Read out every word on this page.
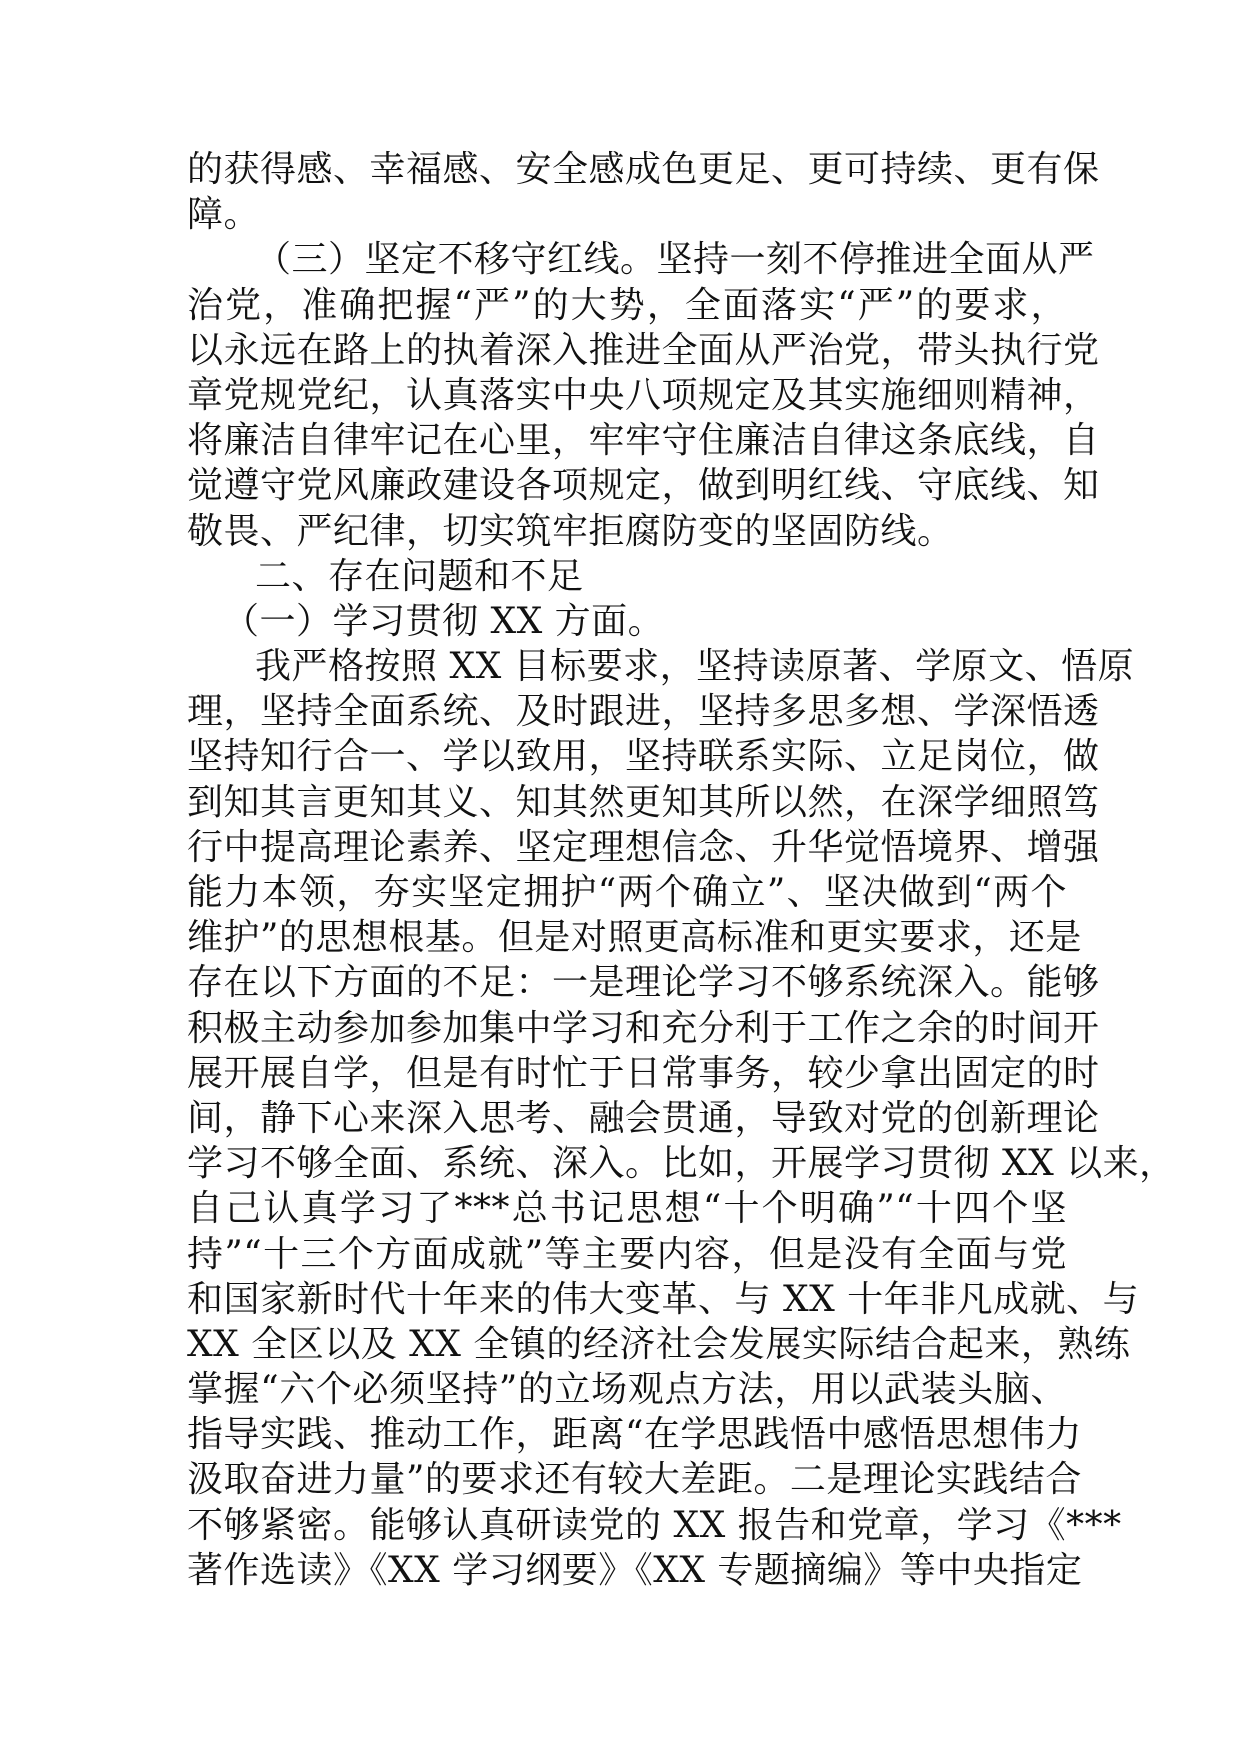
的获得感、幸福感、安全感成色更足、更可持续、更有保
障。
（三）坚定不移守红线。坚持一刻不停推进全面从严
治党，准确把握“严”的大势，全面落实“严”的要求，
以永远在路上的执着深入推进全面从严治党，带头执行党
章党规党纪，认真落实中央八项规定及其实施细则精神，
将廉洁自律牢记在心里，牢牢守住廉洁自律这条底线，自
觉遵守党风廉政建设各项规定，做到明红线、守底线、知
敬畏、严纪律，切实筑牢拒腐防变的坚固防线。
二、存在问题和不足
（一）学习贯彻 XX 方面。
我严格按照 XX 目标要求，坚持读原著、学原文、悟原
理，坚持全面系统、及时跟进，坚持多思多想、学深悟透
坚持知行合一、学以致用，坚持联系实际、立足岗位，做
到知其言更知其义、知其然更知其所以然，在深学细照笃
行中提高理论素养、坚定理想信念、升华觉悟境界、增强
能力本领，夯实坚定拥护“两个确立”、坚决做到“两个
维护”的思想根基。但是对照更高标准和更实要求，还是
存在以下方面的不足：一是理论学习不够系统深入。能够
积极主动参加参加集中学习和充分利于工作之余的时间开
展开展自学，但是有时忙于日常事务，较少拿出固定的时
间，静下心来深入思考、融会贯通，导致对党的创新理论
学习不够全面、系统、深入。比如，开展学习贯彻 XX 以来，
自己认真学习了***总书记思想“十个明确”“十四个坚
持”“十三个方面成就”等主要内容，但是没有全面与党
和国家新时代十年来的伟大变革、与 XX 十年非凡成就、与
XX 全区以及 XX 全镇的经济社会发展实际结合起来，熟练
掌握“六个必须坚持”的立场观点方法，用以武装头脑、
指导实践、推动工作，距离“在学思践悟中感悟思想伟力
汲取奋进力量”的要求还有较大差距。二是理论实践结合
不够紧密。能够认真研读党的 XX 报告和党章，学习《***
著作选读》《XX 学习纲要》《XX 专题摘编》等中央指定
